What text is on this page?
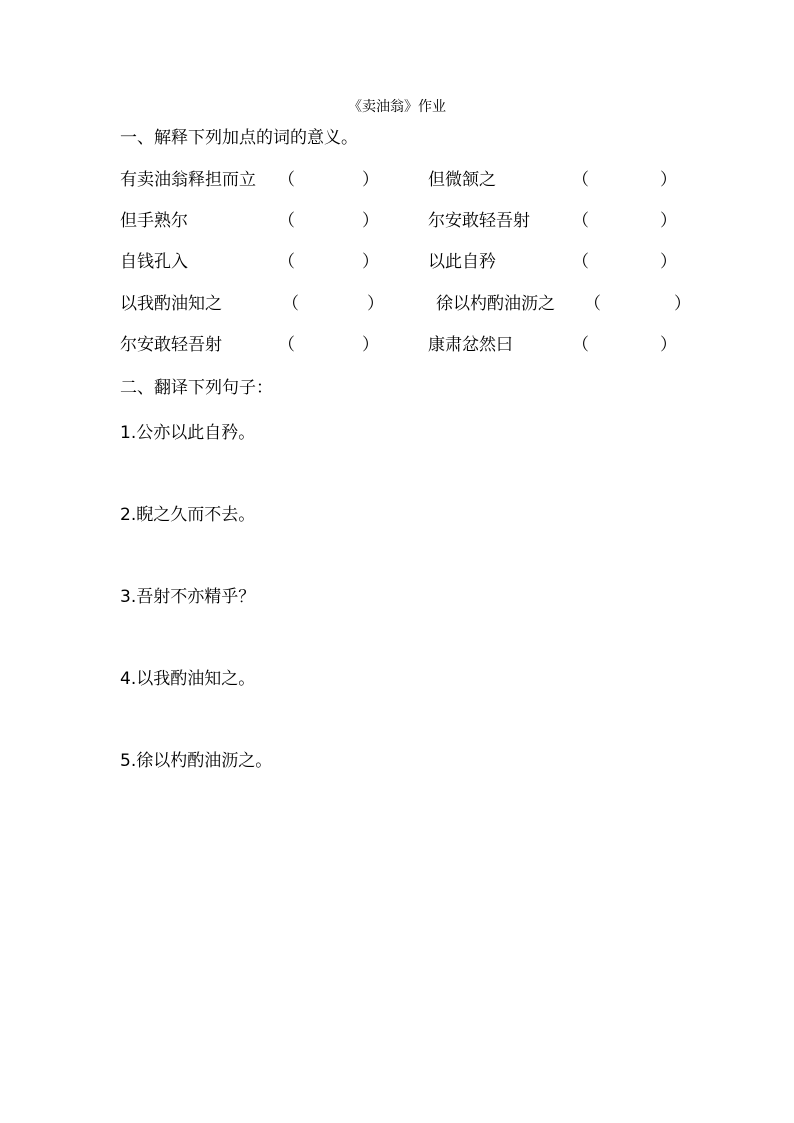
《卖油翁》作业
一、解释下列加点的词的意义。
有卖油翁释担而立 （	）	但微颔之	（	）
但手熟尔	（	）	尔安敢轻吾射 （	）
自钱孔入	（	）	以此自矜	（	）
以我酌油知之	（	）	徐以杓酌油沥之 （	）
尔安敢轻吾射	（	）	康肃忿然曰	（	）
二、翻译下列句子：
1.公亦以此自矜。
2.睨之久而不去。
3.吾射不亦精乎？
4.以我酌油知之。
5.徐以杓酌油沥之。
